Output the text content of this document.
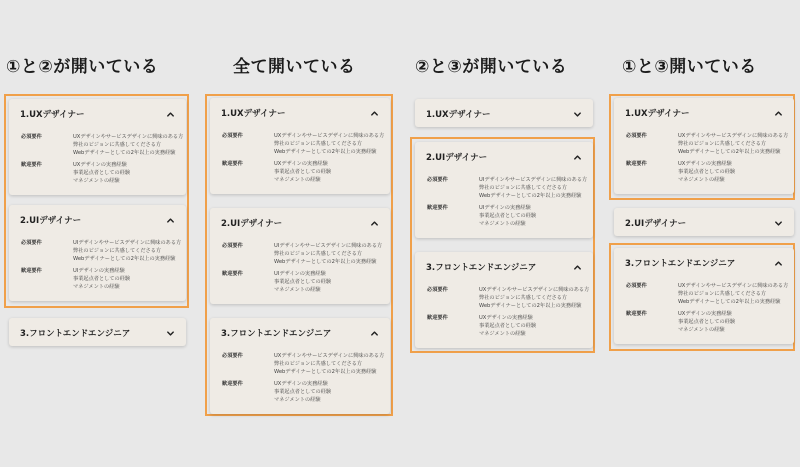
①と②が開いている
1.UXデザイナー
必須要件	UXデザインやサービスデザインに興味のある方
弊社のビジョンに共感してくださる方
Webデザイナーとしての2年以上の実務経験
歓迎要件	UXデザインの実務経験
事業起点者としての経験
マネジメントの経験
2.UIデザイナー
必須要件	UIデザインやサービスデザインに興味のある方
弊社のビジョンに共感してくださる方
Webデザイナーとしての2年以上の実務経験
歓迎要件	UIデザインの実務経験
事業起点者としての経験
マネジメントの経験
3.フロントエンドエンジニア
全て開いている
1.UXデザイナー
必須要件	UXデザインやサービスデザインに興味のある方
弊社のビジョンに共感してくださる方
Webデザイナーとしての2年以上の実務経験
歓迎要件	UXデザインの実務経験
事業起点者としての経験
マネジメントの経験
2.UIデザイナー
必須要件	UIデザインやサービスデザインに興味のある方
弊社のビジョンに共感してくださる方
Webデザイナーとしての2年以上の実務経験
歓迎要件	UIデザインの実務経験
事業起点者としての経験
マネジメントの経験
3.フロントエンドエンジニア
必須要件	UXデザインやサービスデザインに興味のある方
弊社のビジョンに共感してくださる方
Webデザイナーとしての2年以上の実務経験
歓迎要件	UXデザインの実務経験
事業起点者としての経験
マネジメントの経験
②と③が開いている
1.UXデザイナー
2.UIデザイナー
必須要件	UIデザインやサービスデザインに興味のある方
弊社のビジョンに共感してくださる方
Webデザイナーとしての2年以上の実務経験
歓迎要件	UIデザインの実務経験
事業起点者としての経験
マネジメントの経験
3.フロントエンドエンジニア
必須要件	UXデザインやサービスデザインに興味のある方
弊社のビジョンに共感してくださる方
Webデザイナーとしての2年以上の実務経験
歓迎要件	UXデザインの実務経験
事業起点者としての経験
マネジメントの経験
①と③開いている
1.UXデザイナー
必須要件	UXデザインやサービスデザインに興味のある方
弊社のビジョンに共感してくださる方
Webデザイナーとしての2年以上の実務経験
歓迎要件	UXデザインの実務経験
事業起点者としての経験
マネジメントの経験
2.UIデザイナー
3.フロントエンドエンジニア
必須要件	UXデザインやサービスデザインに興味のある方
弊社のビジョンに共感してくださる方
Webデザイナーとしての2年以上の実務経験
歓迎要件	UXデザインの実務経験
事業起点者としての経験
マネジメントの経験
